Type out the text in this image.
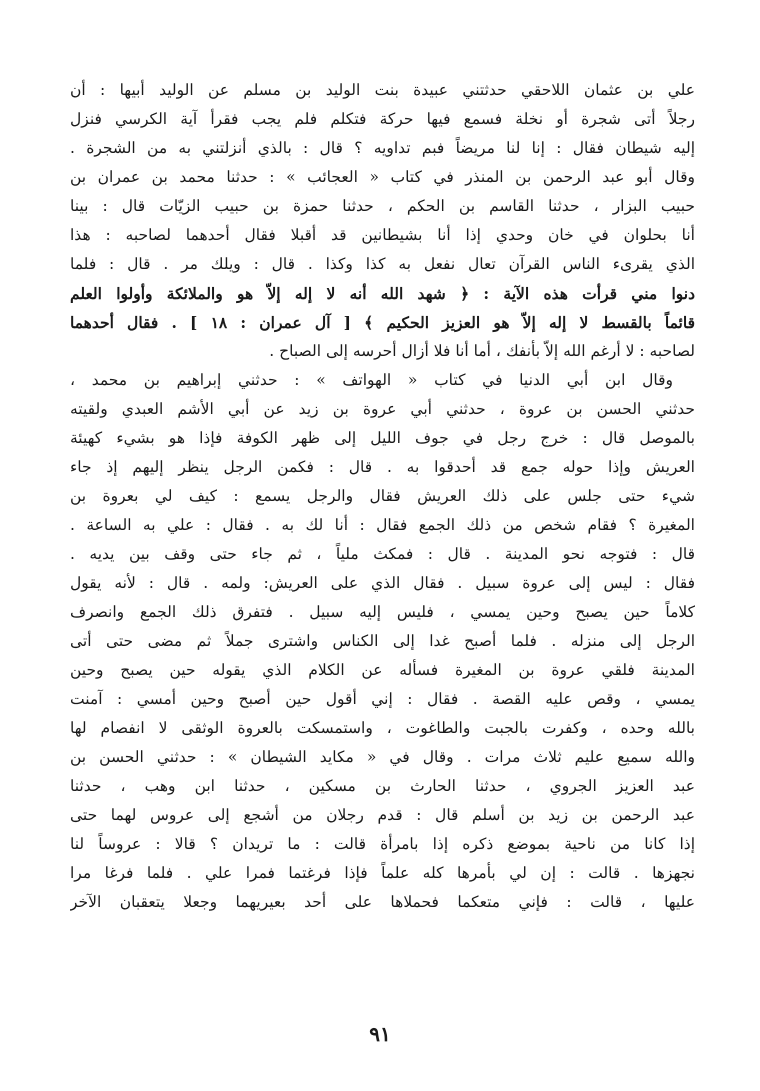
علي بن عثمان اللاحقي حدثتني عبيدة بنت الوليد بن مسلم عن الوليد أبيها : أن
رجلاً أتى شجرة أو نخلة فسمع فيها حركة فتكلم فلم يجب فقرأ آية الكرسي فنزل
إليه شيطان فقال : إنا لنا مريضاً فبم تداويه ؟ قال : بالذي أنزلتني به من الشجرة .
وقال أبو عبد الرحمن بن المنذر في كتاب « العجائب » : حدثنا محمد بن عمران بن
حبيب البزار ، حدثنا القاسم بن الحكم ، حدثنا حمزة بن حبيب الزيّات قال : بينا
أنا بحلوان في خان وحدي إذا أنا بشيطانين قد أقبلا فقال أحدهما لصاحبه : هذا
الذي يقرىء الناس القرآن تعال نفعل به كذا وكذا . قال : ويلك مر . قال : فلما
دنوا مني قرأت هذه الآية : ﴿ شهد الله أنه لا إله إلاّ هو والملائكة وأولوا العلم
قائماً بالقسط لا إله إلاّ هو العزيز الحكيم ﴾ [ آل عمران : ١٨ ] . فقال أحدهما
لصاحبه : لا أرغم الله إلاّ بأنفك ، أما أنا فلا أزال أحرسه إلى الصباح .
وقال ابن أبي الدنيا في كتاب « الهواتف » : حدثني إبراهيم بن محمد ،
حدثني الحسن بن عروة ، حدثني أبي عروة بن زيد عن أبي الأشم العبدي ولقيته
بالموصل قال : خرج رجل في جوف الليل إلى ظهر الكوفة فإذا هو بشيء كهيئة
العريش وإذا حوله جمع قد أحدقوا به . قال : فكمن الرجل ينظر إليهم إذ جاء
شيء حتى جلس على ذلك العريش فقال والرجل يسمع : كيف لي بعروة بن
المغيرة ؟ فقام شخص من ذلك الجمع فقال : أنا لك به . فقال : علي به الساعة .
قال : فتوجه نحو المدينة . قال : فمكث ملياً ، ثم جاء حتى وقف بين يديه .
فقال : ليس إلى عروة سبيل . فقال الذي على العريش: ولمه . قال : لأنه يقول
كلاماً حين يصبح وحين يمسي ، فليس إليه سبيل . فتفرق ذلك الجمع وانصرف
الرجل إلى منزله . فلما أصبح غدا إلى الكناس واشترى جملاً ثم مضى حتى أتى
المدينة فلقي عروة بن المغيرة فسأله عن الكلام الذي يقوله حين يصبح وحين
يمسي ، وقص عليه القصة . فقال : إني أقول حين أصبح وحين أمسي : آمنت
بالله وحده ، وكفرت بالجبت والطاغوت ، واستمسكت بالعروة الوثقى لا انفصام لها
والله سميع عليم ثلاث مرات . وقال في « مكايد الشيطان » : حدثني الحسن بن
عبد العزيز الجروي ، حدثنا الحارث بن مسكين ، حدثنا ابن وهب ، حدثنا
عبد الرحمن بن زيد بن أسلم قال : قدم رجلان من أشجع إلى عروس لهما حتى
إذا كانا من ناحية بموضع ذكره إذا بامرأة قالت : ما تريدان ؟ قالا : عروساً لنا
نجهزها . قالت : إن لي بأمرها كله علماً فإذا فرغتما فمرا علي . فلما فرغا مرا
عليها ، قالت : فإني متعكما فحملاها على أحد بعيريهما وجعلا يتعقبان الآخر
٩١
